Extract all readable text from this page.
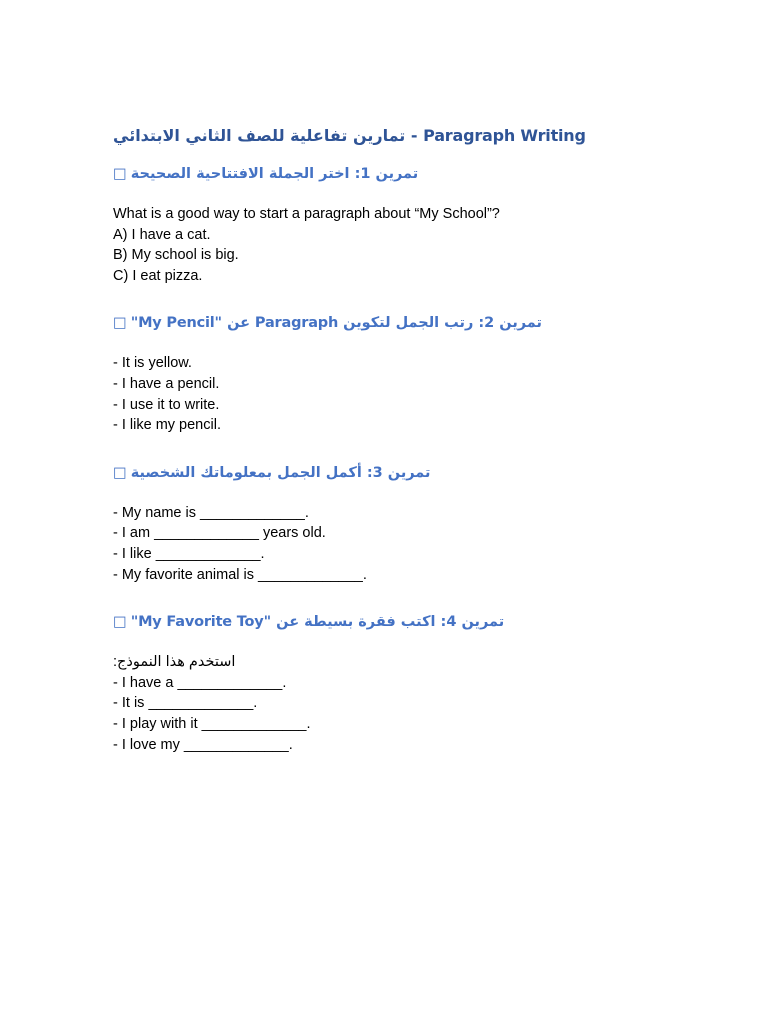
تمارين تفاعلية للصف الثاني الابتدائي - Paragraph Writing
□ تمرين 1: اختر الجملة الافتتاحية الصحيحة
What is a good way to start a paragraph about “My School”?
A) I have a cat.
B) My school is big.
C) I eat pizza.
□ تمرين 2: رتب الجمل لتكوين Paragraph عن "My Pencil"
- It is yellow.
- I have a pencil.
- I use it to write.
- I like my pencil.
□ تمرين 3: أكمل الجمل بمعلوماتك الشخصية
- My name is _____________.
- I am _____________ years old.
- I like _____________.
- My favorite animal is _____________.
□ تمرين 4: اكتب فقرة بسيطة عن "My Favorite Toy"
استخدم هذا النموذج:
- I have a _____________.
- It is _____________.
- I play with it _____________.
- I love my _____________.
